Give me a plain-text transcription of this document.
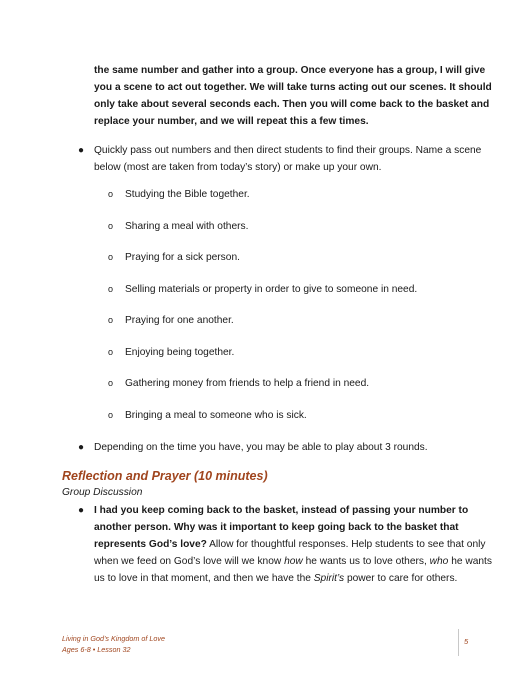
the same number and gather into a group. Once everyone has a group, I will give you a scene to act out together. We will take turns acting out our scenes. It should only take about several seconds each. Then you will come back to the basket and replace your number, and we will repeat this a few times.
● Quickly pass out numbers and then direct students to find their groups. Name a scene below (most are taken from today’s story) or make up your own.
o Studying the Bible together.
o Sharing a meal with others.
o Praying for a sick person.
o Selling materials or property in order to give to someone in need.
o Praying for one another.
o Enjoying being together.
o Gathering money from friends to help a friend in need.
o Bringing a meal to someone who is sick.
● Depending on the time you have, you may be able to play about 3 rounds.
Reflection and Prayer (10 minutes)
Group Discussion
● I had you keep coming back to the basket, instead of passing your number to another person. Why was it important to keep going back to the basket that represents God’s love? Allow for thoughtful responses. Help students to see that only when we feed on God’s love will we know how he wants us to love others, who he wants us to love in that moment, and then we have the Spirit’s power to care for others.
Living in God’s Kingdom of Love
Ages 6-8 • Lesson 32
5
